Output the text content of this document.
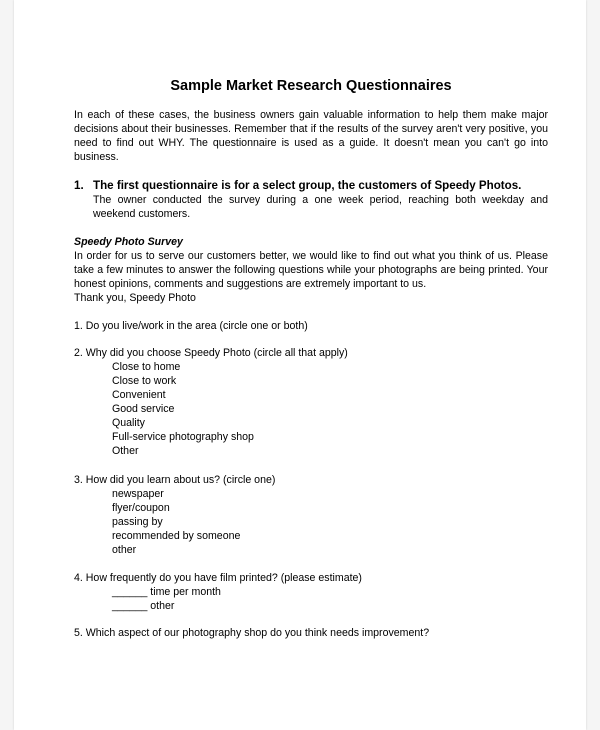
Sample Market Research Questionnaires
In each of these cases, the business owners gain valuable information to help them make major decisions about their businesses. Remember that if the results of the survey aren't very positive, you need to find out WHY. The questionnaire is used as a guide. It doesn't mean you can't go into business.
1. The first questionnaire is for a select group, the customers of Speedy Photos.
The owner conducted the survey during a one week period, reaching both weekday and weekend customers.
Speedy Photo Survey
In order for us to serve our customers better, we would like to find out what you think of us. Please take a few minutes to answer the following questions while your photographs are being printed. Your honest opinions, comments and suggestions are extremely important to us.
Thank you, Speedy Photo
1. Do you live/work in the area (circle one or both)
2. Why did you choose Speedy Photo (circle all that apply)
Close to home
Close to work
Convenient
Good service
Quality
Full-service photography shop
Other
3. How did you learn about us? (circle one)
newspaper
flyer/coupon
passing by
recommended by someone
other
4. How frequently do you have film printed? (please estimate)
______ time per month
______ other
5. Which aspect of our photography shop do you think needs improvement?
